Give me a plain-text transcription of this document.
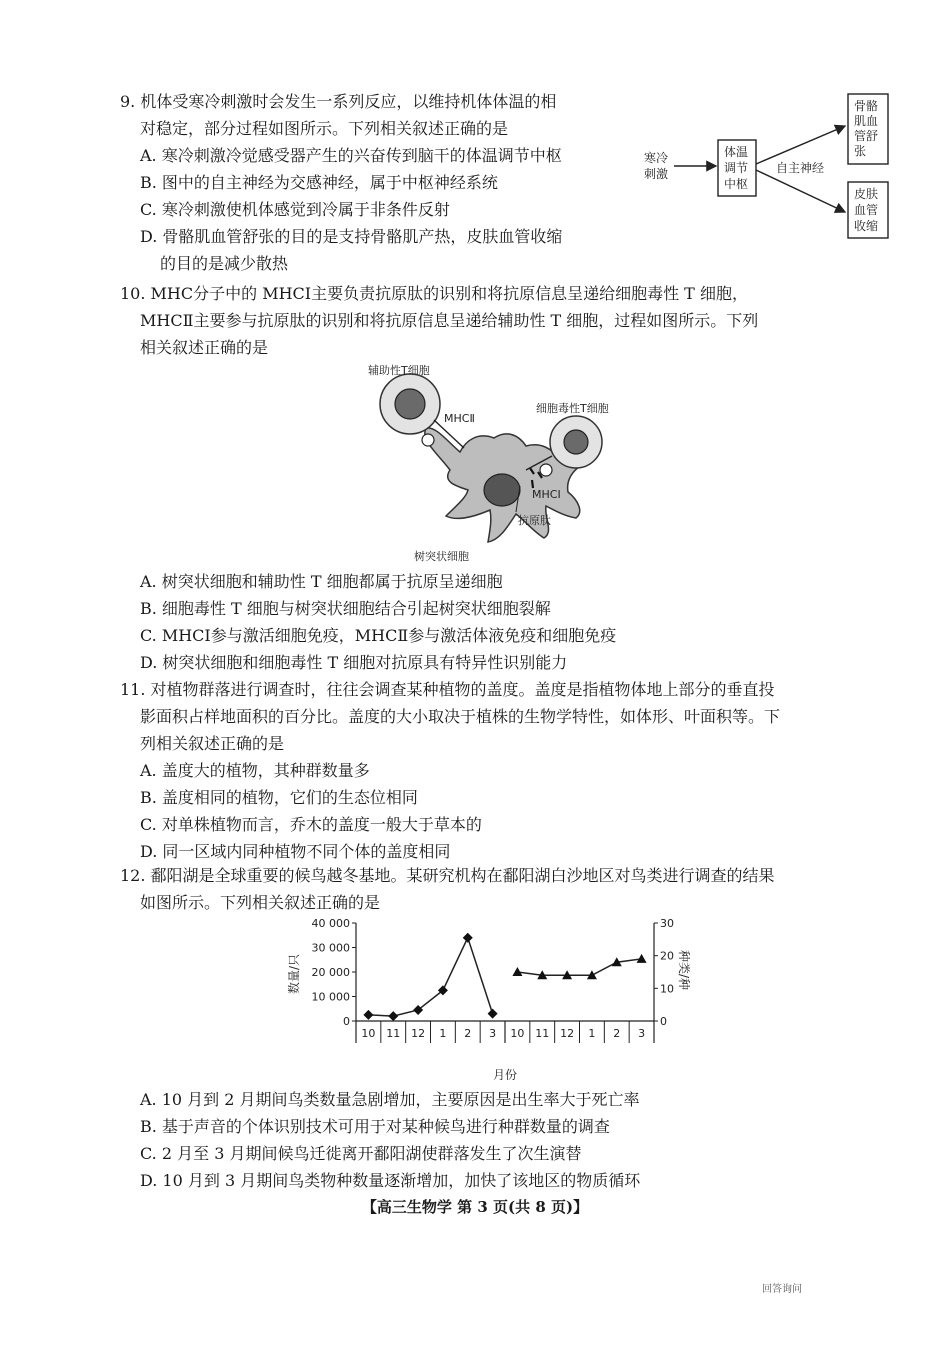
9. 机体受寒冷刺激时会发生一系列反应，以维持机体体温的相

对稳定，部分过程如图所示。下列相关叙述正确的是

A. 寒冷刺激冷觉感受器产生的兴奋传到脑干的体温调节中枢

B. 图中的自主神经为交感神经，属于中枢神经系统

C. 寒冷刺激使机体感觉到冷属于非条件反射

D. 骨骼肌血管舒张的目的是支持骨骼肌产热，皮肤血管收缩

的目的是减少散热

寒冷
刺激
体温
调节
中枢
自主神经
骨骼
肌血
管舒
张
皮肤
血管
收缩

10. MHC分子中的 MHCⅠ主要负责抗原肽的识别和将抗原信息呈递给细胞毒性 T 细胞，

MHCⅡ主要参与抗原肽的识别和将抗原信息呈递给辅助性 T 细胞，过程如图所示。下列

相关叙述正确的是

辅助性T细胞
MHCⅡ
细胞毒性T细胞
MHCⅠ
抗原肽
树突状细胞

A. 树突状细胞和辅助性 T 细胞都属于抗原呈递细胞

B. 细胞毒性 T 细胞与树突状细胞结合引起树突状细胞裂解

C. MHCⅠ参与激活细胞免疫，MHCⅡ参与激活体液免疫和细胞免疫

D. 树突状细胞和细胞毒性 T 细胞对抗原具有特异性识别能力

11. 对植物群落进行调查时，往往会调查某种植物的盖度。盖度是指植物体地上部分的垂直投

影面积占样地面积的百分比。盖度的大小取决于植株的生物学特性，如体形、叶面积等。下

列相关叙述正确的是

A. 盖度大的植物，其种群数量多

B. 盖度相同的植物，它们的生态位相同

C. 对单株植物而言，乔木的盖度一般大于草本的

D. 同一区域内同种植物不同个体的盖度相同

12. 鄱阳湖是全球重要的候鸟越冬基地。某研究机构在鄱阳湖白沙地区对鸟类进行调查的结果

如图所示。下列相关叙述正确的是

数量/只	种类/种
月份
40 000
30 000
20 000
10 000
0
30
20
10
0
10 11 12 1 2 3 10 11 12 1 2 3

A. 10 月到 2 月期间鸟类数量急剧增加，主要原因是出生率大于死亡率

B. 基于声音的个体识别技术可用于对某种候鸟进行种群数量的调查

C. 2 月至 3 月期间候鸟迁徙离开鄱阳湖使群落发生了次生演替

D. 10 月到 3 月期间鸟类物种数量逐渐增加，加快了该地区的物质循环

【高三生物学 第 3 页(共 8 页)】
回答询问
